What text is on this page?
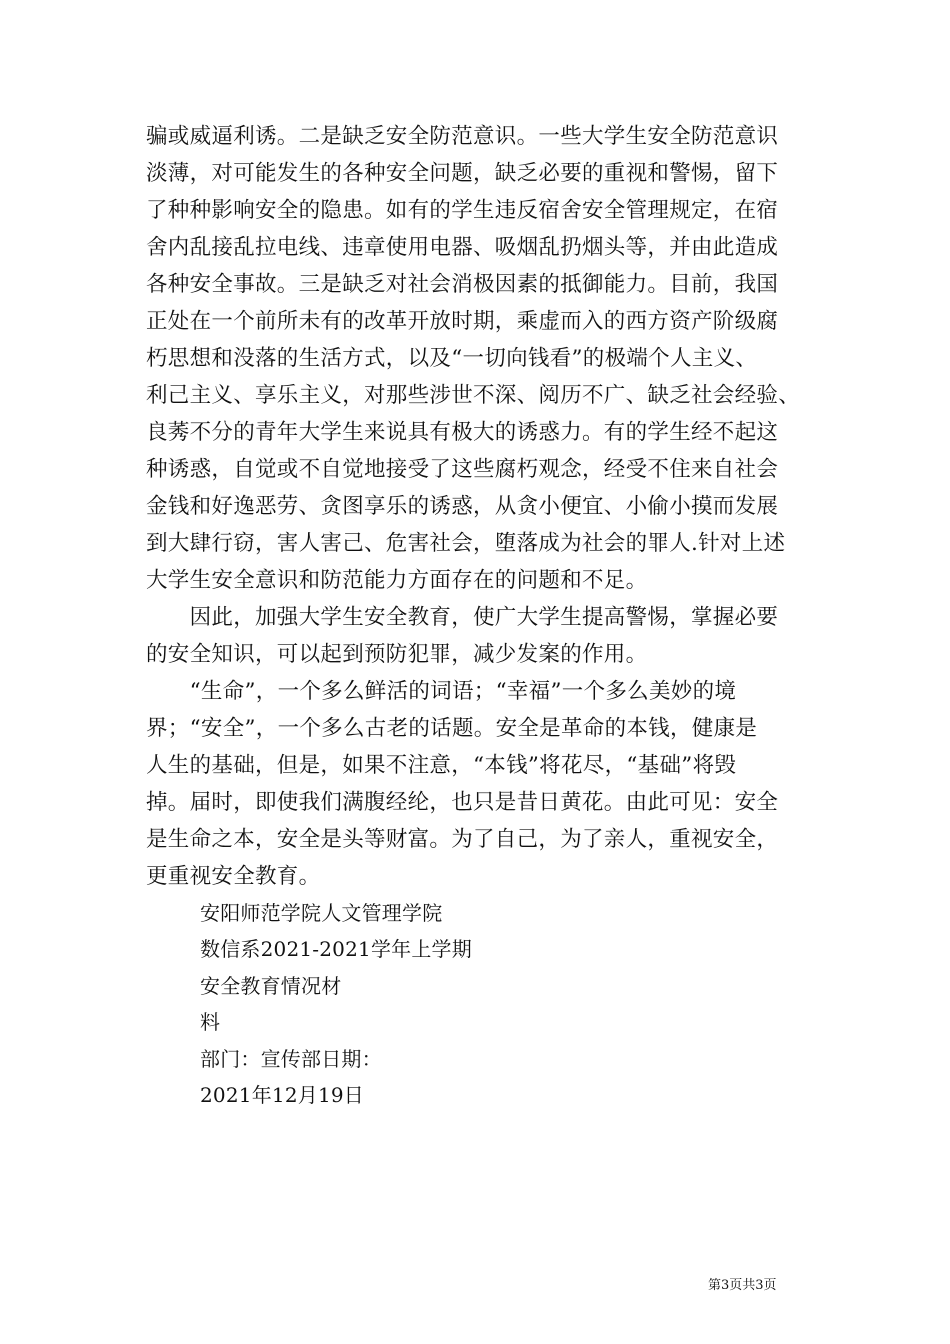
骗或威逼利诱。二是缺乏安全防范意识。一些大学生安全防范意识
淡薄，对可能发生的各种安全问题，缺乏必要的重视和警惕，留下
了种种影响安全的隐患。如有的学生违反宿舍安全管理规定，在宿
舍内乱接乱拉电线、违章使用电器、吸烟乱扔烟头等，并由此造成
各种安全事故。三是缺乏对社会消极因素的抵御能力。目前，我国
正处在一个前所未有的改革开放时期，乘虚而入的西方资产阶级腐
朽思想和没落的生活方式，以及“一切向钱看”的极端个人主义、
利己主义、享乐主义，对那些涉世不深、阅历不广、缺乏社会经验、
良莠不分的青年大学生来说具有极大的诱惑力。有的学生经不起这
种诱惑，自觉或不自觉地接受了这些腐朽观念，经受不住来自社会
金钱和好逸恶劳、贪图享乐的诱惑，从贪小便宜、小偷小摸而发展
到大肆行窃，害人害己、危害社会，堕落成为社会的罪人.针对上述
大学生安全意识和防范能力方面存在的问题和不足。
　　因此，加强大学生安全教育，使广大学生提高警惕，掌握必要
的安全知识，可以起到预防犯罪，减少发案的作用。
　　“生命”，一个多么鲜活的词语；“幸福”一个多么美妙的境
界；“安全”，一个多么古老的话题。安全是革命的本钱，健康是
人生的基础，但是，如果不注意，“本钱”将花尽，“基础”将毁
掉。届时，即使我们满腹经纶，也只是昔日黄花。由此可见：安全
是生命之本，安全是头等财富。为了自己，为了亲人，重视安全，
更重视安全教育。
安阳师范学院人文管理学院
数信系2021-2021学年上学期
安全教育情况材
料
部门：宣传部日期：
2021年12月19日
第3页共3页
